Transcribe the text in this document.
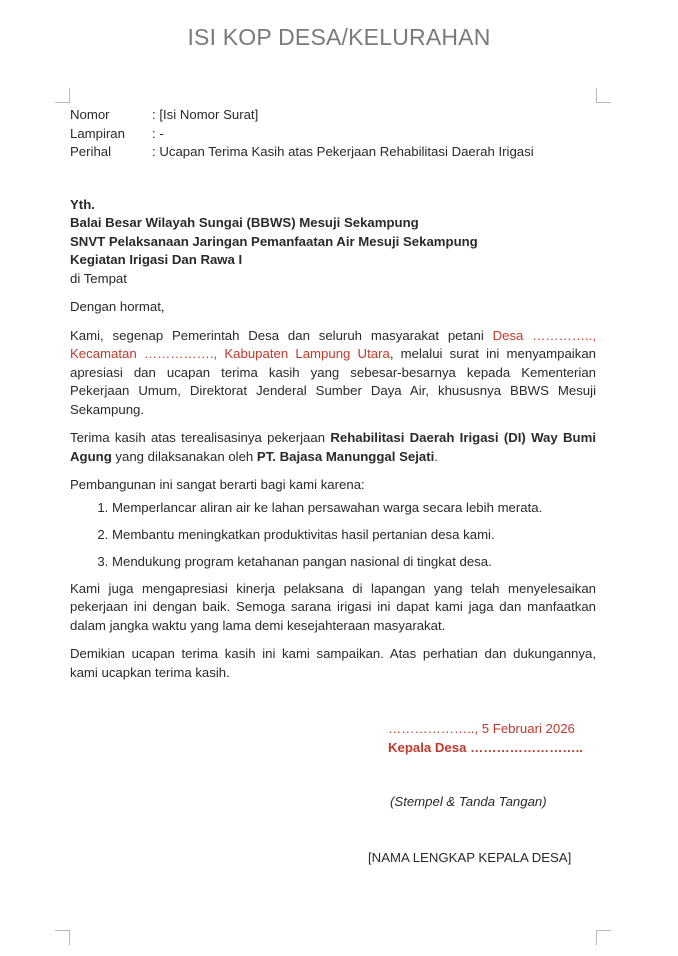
ISI KOP DESA/KELURAHAN
Nomor	: [Isi Nomor Surat]
Lampiran	: -
Perihal	: Ucapan Terima Kasih atas Pekerjaan Rehabilitasi Daerah Irigasi
Yth.
Balai Besar Wilayah Sungai (BBWS) Mesuji Sekampung
SNVT Pelaksanaan Jaringan Pemanfaatan Air Mesuji Sekampung
Kegiatan Irigasi Dan Rawa I
di Tempat
Dengan hormat,
Kami, segenap Pemerintah Desa dan seluruh masyarakat petani Desa ………….., Kecamatan ……………., Kabupaten Lampung Utara, melalui surat ini menyampaikan apresiasi dan ucapan terima kasih yang sebesar-besarnya kepada Kementerian Pekerjaan Umum, Direktorat Jenderal Sumber Daya Air, khususnya BBWS Mesuji Sekampung.
Terima kasih atas terealisasinya pekerjaan Rehabilitasi Daerah Irigasi (DI) Way Bumi Agung yang dilaksanakan oleh PT. Bajasa Manunggal Sejati.
Pembangunan ini sangat berarti bagi kami karena:
1. Memperlancar aliran air ke lahan persawahan warga secara lebih merata.
2. Membantu meningkatkan produktivitas hasil pertanian desa kami.
3. Mendukung program ketahanan pangan nasional di tingkat desa.
Kami juga mengapresiasi kinerja pelaksana di lapangan yang telah menyelesaikan pekerjaan ini dengan baik. Semoga sarana irigasi ini dapat kami jaga dan manfaatkan dalam jangka waktu yang lama demi kesejahteraan masyarakat.
Demikian ucapan terima kasih ini kami sampaikan. Atas perhatian dan dukungannya, kami ucapkan terima kasih.
……………….., 5 Februari 2026
Kepala Desa ……………………..
(Stempel & Tanda Tangan)
[NAMA LENGKAP KEPALA DESA]
